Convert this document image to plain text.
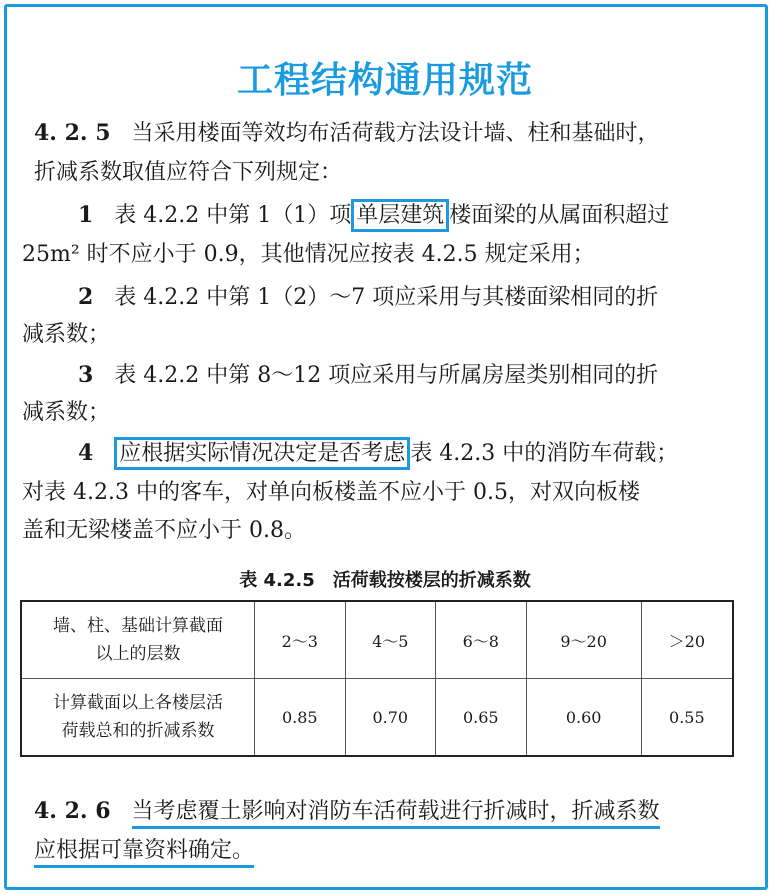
工程结构通用规范
4. 2. 5 当采用楼面等效均布活荷载方法设计墙、柱和基础时，
折减系数取值应符合下列规定：
1 表 4.2.2 中第 1（1）项 单层建筑 楼面梁的从属面积超过
25m² 时不应小于 0.9，其他情况应按表 4.2.5 规定采用；
2 表 4.2.2 中第 1（2）～7 项应采用与其楼面梁相同的折
减系数；
3 表 4.2.2 中第 8～12 项应采用与所属房屋类别相同的折
减系数；
4 应根据实际情况决定是否考虑 表 4.2.3 中的消防车荷载；
对表 4.2.3 中的客车，对单向板楼盖不应小于 0.5，对双向板楼
盖和无梁楼盖不应小于 0.8。
表 4.2.5　活荷载按楼层的折减系数
墙、柱、基础计算截面
以上的层数	2～3	4～5	6～8	9～20	＞20

计算截面以上各楼层活
荷载总和的折减系数	0.85	0.70	0.65	0.60	0.55
4. 2. 6 当考虑覆土影响对消防车活荷载进行折减时，折减系数
应根据可靠资料确定。
